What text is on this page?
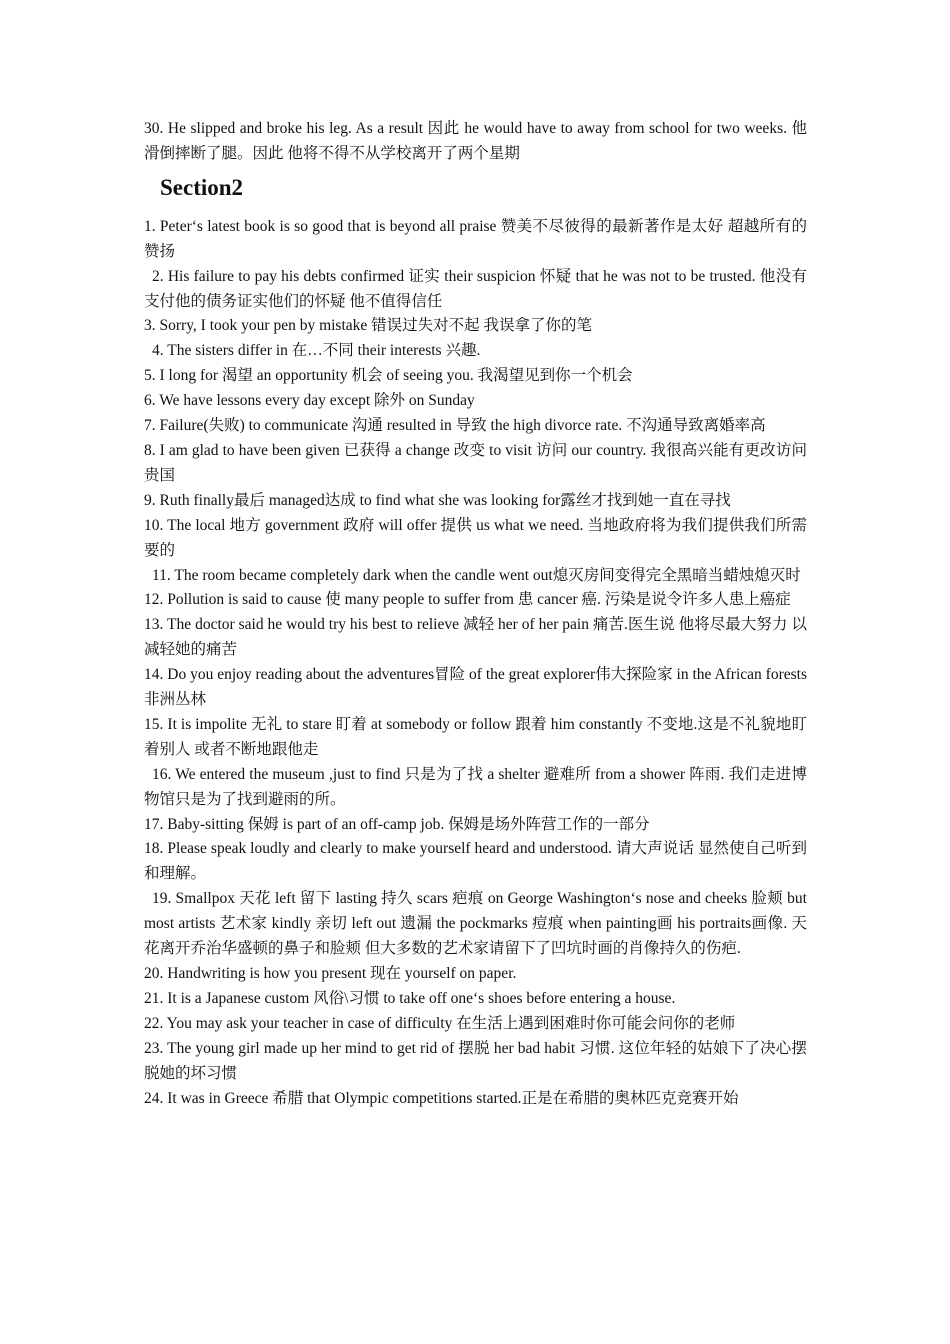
30. He slipped and broke his leg. As a result 因此 he would have to away from school for two weeks. 他滑倒摔断了腿。因此 他将不得不从学校离开了两个星期

Section2

1. Peter‘s latest book is so good that is beyond all praise 赞美不尽彼得的最新著作是太好 超越所有的赞扬

2. His failure to pay his debts confirmed 证实 their suspicion 怀疑 that he was not to be trusted. 他没有支付他的债务证实他们的怀疑 他不值得信任

3. Sorry, I took your pen by mistake 错误过失对不起 我误拿了你的笔

4. The sisters differ in 在…不同 their interests 兴趣.

5. I long for 渴望 an opportunity 机会 of seeing you. 我渴望见到你一个机会

6. We have lessons every day except 除外 on Sunday

7. Failure(失败) to communicate 沟通 resulted in 导致 the high divorce rate. 不沟通导致离婚率高

8. I am glad to have been given 已获得 a change 改变 to visit 访问 our country. 我很高兴能有更改访问贵国

9. Ruth finally最后 managed达成 to find what she was looking for露丝才找到她一直在寻找

10. The local 地方 government 政府 will offer 提供 us what we need. 当地政府将为我们提供我们所需要的

11. The room became completely dark when the candle went out熄灭房间变得完全黑暗当蜡烛熄灭时

12. Pollution is said to cause 使 many people to suffer from 患 cancer 癌. 污染是说令许多人患上癌症

13. The doctor said he would try his best to relieve 减轻 her of her pain 痛苦.医生说 他将尽最大努力 以减轻她的痛苦

14. Do you enjoy reading about the adventures冒险 of the great explorer伟大探险家 in the African forests 非洲丛林

15. It is impolite 无礼 to stare 盯着 at somebody or follow 跟着 him constantly 不变地.这是不礼貌地盯着别人 或者不断地跟他走

16. We entered the museum ,just to find 只是为了找 a shelter 避难所 from a shower 阵雨. 我们走进博物馆只是为了找到避雨的所。

17. Baby-sitting 保姆 is part of an off-camp job. 保姆是场外阵营工作的一部分

18. Please speak loudly and clearly to make yourself heard and understood. 请大声说话 显然使自己听到和理解。

19. Smallpox 天花 left 留下 lasting 持久 scars 疤痕 on George Washington‘s nose and cheeks 脸颊 but most artists 艺术家 kindly 亲切 left out 遗漏 the pockmarks 痘痕 when painting画 his portraits画像. 天花离开乔治华盛顿的鼻子和脸颊 但大多数的艺术家请留下了凹坑时画的肖像持久的伤疤.

20. Handwriting is how you present 现在 yourself on paper.

21. It is a Japanese custom 风俗\习惯 to take off one‘s shoes before entering a house.

22. You may ask your teacher in case of difficulty 在生活上遇到困难时你可能会问你的老师

23. The young girl made up her mind to get rid of 摆脱 her bad habit 习惯. 这位年轻的姑娘下了决心摆脱她的坏习惯

24. It was in Greece 希腊 that Olympic competitions started.正是在希腊的奥林匹克竞赛开始
